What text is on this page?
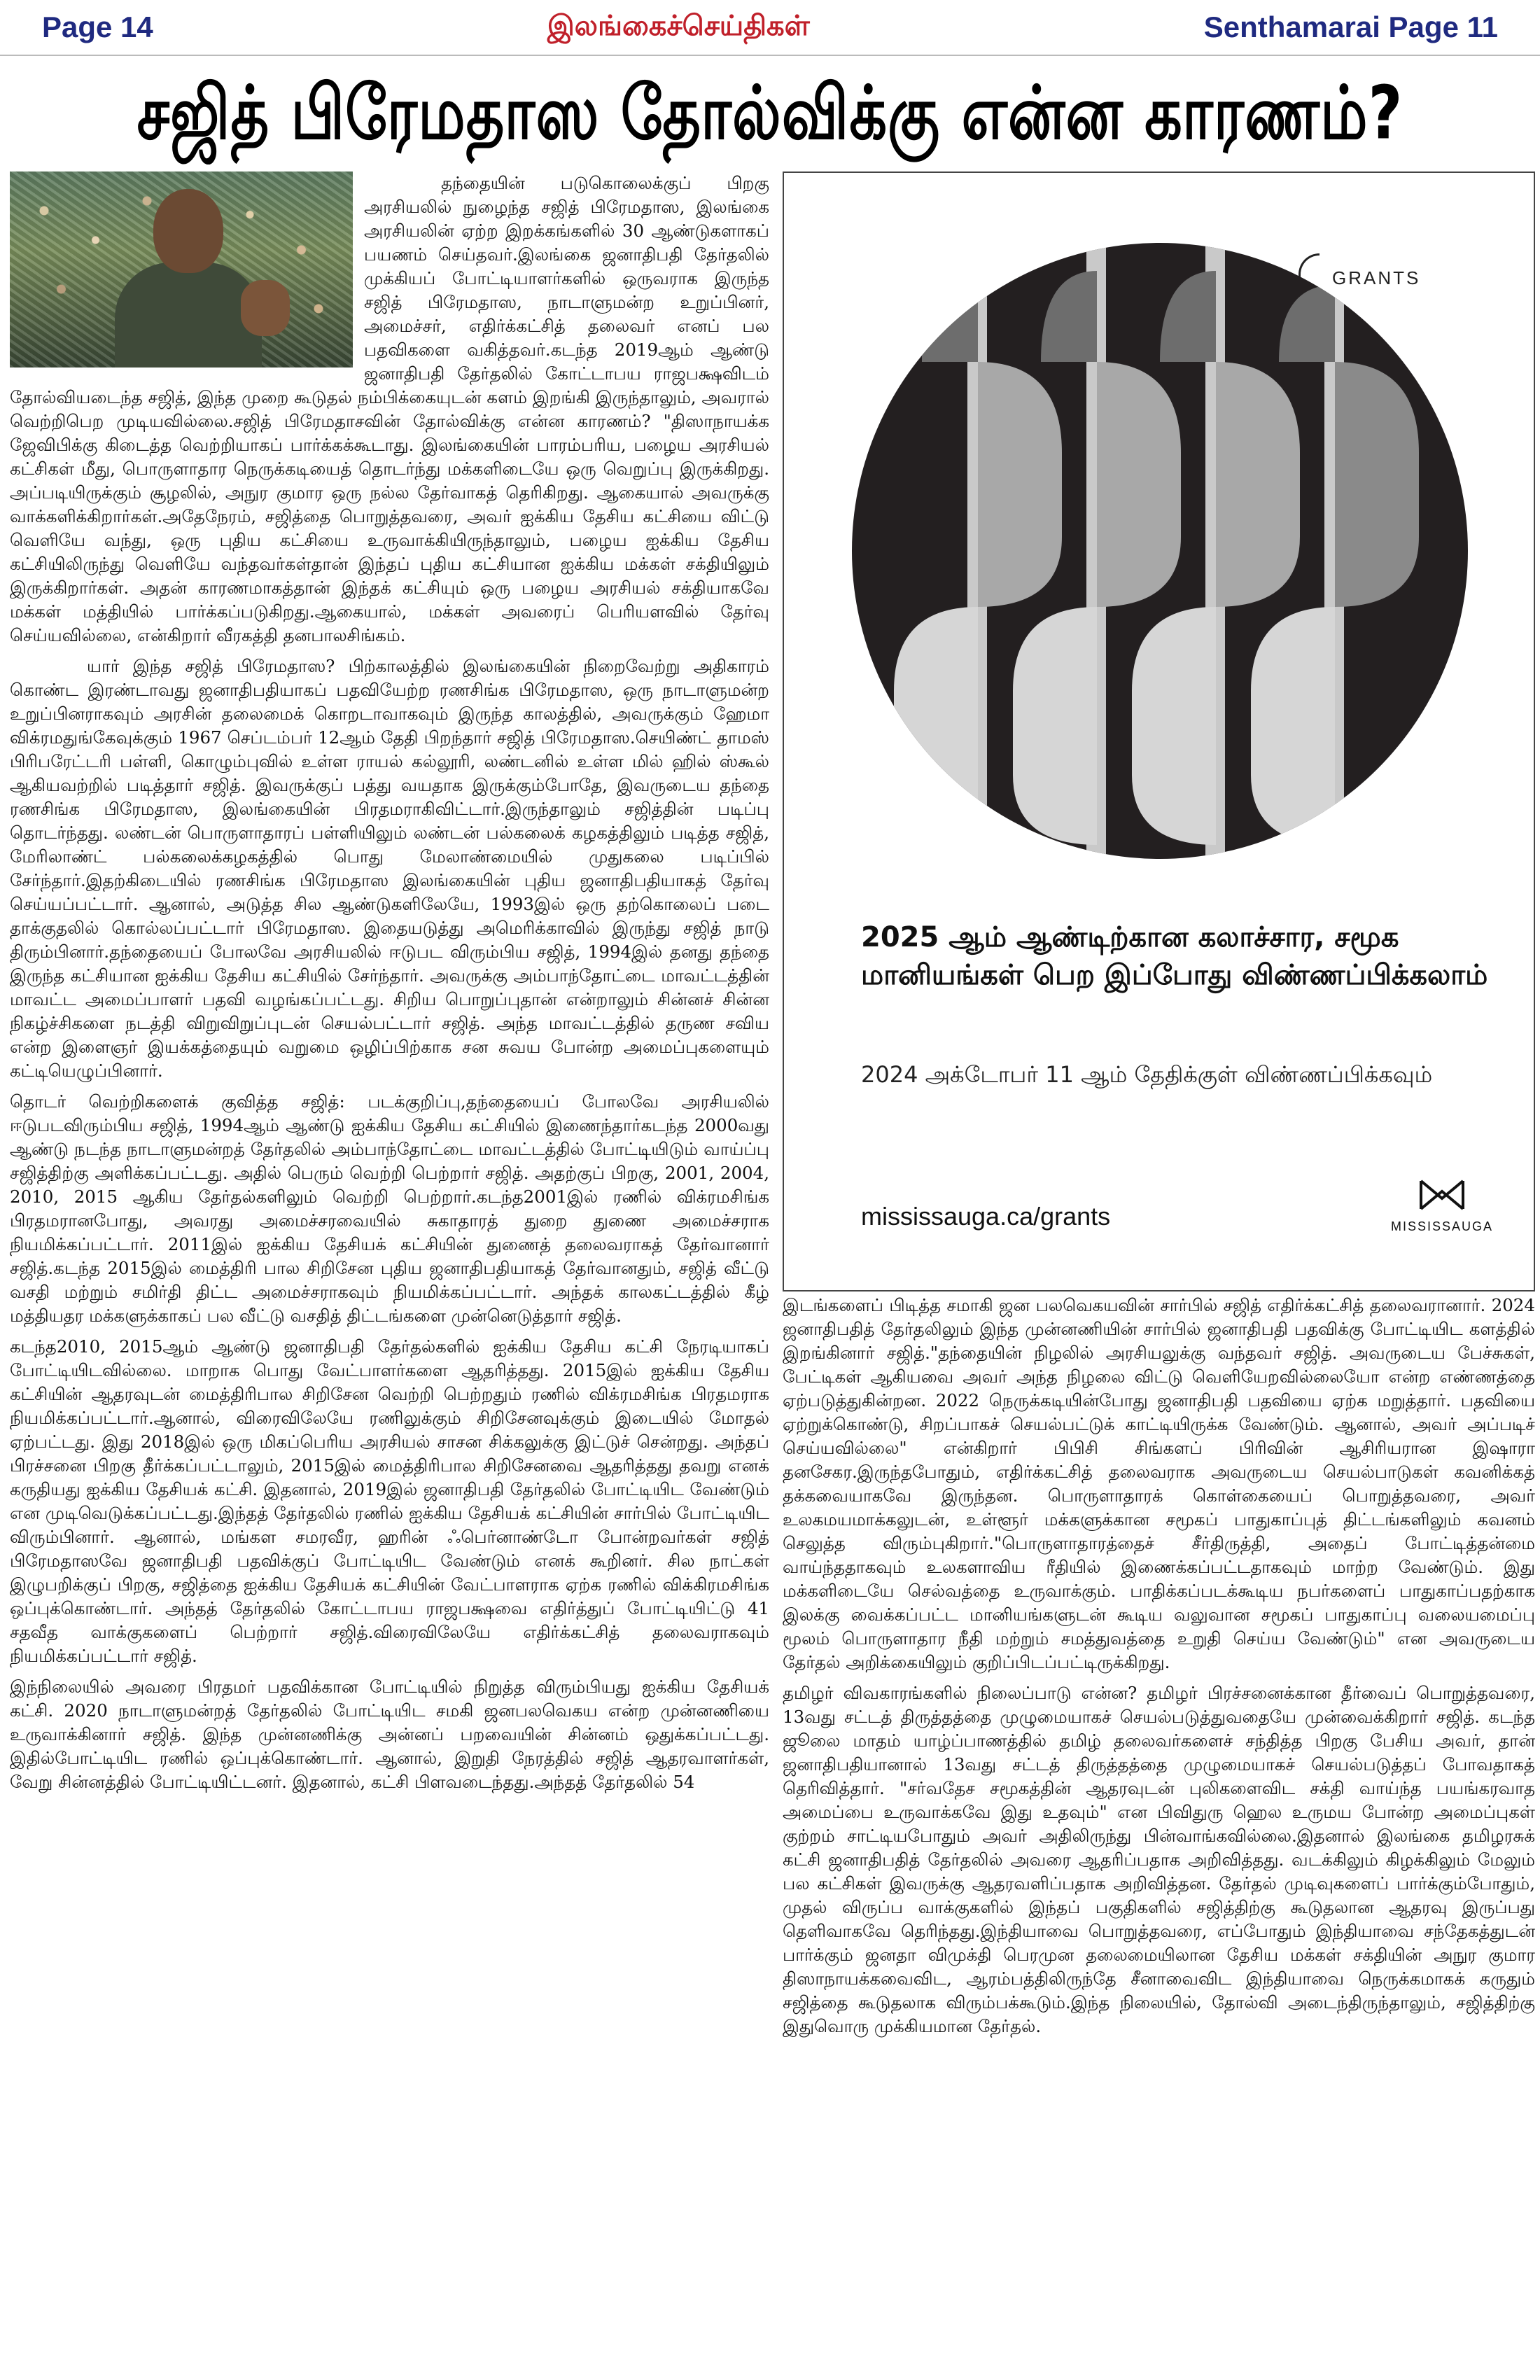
Page 14	இலங்கைச்செய்திகள்	Senthamarai Page 11
சஜித் பிரேமதாஸ தோல்விக்கு என்ன காரணம்?

தந்தையின் படுகொலைக்குப் பிறகு அரசியலில் நுழைந்த சஜித் பிரேமதாஸ, இலங்கை அரசியலின் ஏற்ற இறக்கங்களில் 30 ஆண்டுகளாகப் பயணம் செய்தவர்.இலங்கை ஜனாதிபதி தேர்தலில் முக்கியப் போட்டியாளர்களில் ஒருவராக இருந்த சஜித் பிரேமதாஸ, நாடாளுமன்ற உறுப்பினர், அமைச்சர், எதிர்க்கட்சித் தலைவர் எனப் பல பதவிகளை வகித்தவர்.கடந்த 2019ஆம் ஆண்டு ஜனாதிபதி தேர்தலில் கோட்டாபய ராஜபக்ஷவிடம் தோல்வியடைந்த சஜித், இந்த முறை கூடுதல் நம்பிக்கையுடன் களம் இறங்கி இருந்தாலும், அவரால் வெற்றிபெற முடியவில்லை.சஜித் பிரேமதாசவின் தோல்விக்கு என்ன காரணம்? "திஸாநாயக்க ஜேவிபிக்கு கிடைத்த வெற்றியாகப் பார்க்கக்கூடாது. இலங்கையின் பாரம்பரிய, பழைய அரசியல் கட்சிகள் மீது, பொருளாதார நெருக்கடியைத் தொடர்ந்து மக்களிடையே ஒரு வெறுப்பு இருக்கிறது. அப்படியிருக்கும் சூழலில், அநுர குமார ஒரு நல்ல தேர்வாகத் தெரிகிறது. ஆகையால் அவருக்கு வாக்களிக்கிறார்கள்.அதேநேரம், சஜித்தை பொறுத்தவரை, அவர் ஐக்கிய தேசிய கட்சியை விட்டு வெளியே வந்து, ஒரு புதிய கட்சியை உருவாக்கியிருந்தாலும், பழைய ஐக்கிய தேசிய கட்சியிலிருந்து வெளியே வந்தவர்கள்தான் இந்தப் புதிய கட்சியான ஐக்கிய மக்கள் சக்தியிலும் இருக்கிறார்கள். அதன் காரணமாகத்தான் இந்தக் கட்சியும் ஒரு பழைய அரசியல் சக்தியாகவே மக்கள் மத்தியில் பார்க்கப்படுகிறது.ஆகையால், மக்கள் அவரைப் பெரியளவில் தேர்வு செய்யவில்லை, என்கிறார் வீரகத்தி தனபாலசிங்கம்.

யார் இந்த சஜித் பிரேமதாஸ? பிற்காலத்தில் இலங்கையின் நிறைவேற்று அதிகாரம் கொண்ட இரண்டாவது ஜனாதிபதியாகப் பதவியேற்ற ரணசிங்க பிரேமதாஸ, ஒரு நாடாளுமன்ற உறுப்பினராகவும் அரசின் தலைமைக் கொறடாவாகவும் இருந்த காலத்தில், அவருக்கும் ஹேமா விக்ரமதுங்கேவுக்கும் 1967 செப்டம்பர் 12ஆம் தேதி பிறந்தார் சஜித் பிரேமதாஸ.செயிண்ட் தாமஸ் பிரிபரேட்டரி பள்ளி, கொழும்புவில் உள்ள ராயல் கல்லூரி, லண்டனில் உள்ள மில் ஹில் ஸ்கூல் ஆகியவற்றில் படித்தார் சஜித். இவருக்குப் பத்து வயதாக இருக்கும்போதே, இவருடைய தந்தை ரணசிங்க பிரேமதாஸ, இலங்கையின் பிரதமராகிவிட்டார்.இருந்தாலும் சஜித்தின் படிப்பு தொடர்ந்தது. லண்டன் பொருளாதாரப் பள்ளியிலும் லண்டன் பல்கலைக் கழகத்திலும் படித்த சஜித், மேரிலாண்ட் பல்கலைக்கழகத்தில் பொது மேலாண்மையில் முதுகலை படிப்பில் சேர்ந்தார்.இதற்கிடையில் ரணசிங்க பிரேமதாஸ இலங்கையின் புதிய ஜனாதிபதியாகத் தேர்வு செய்யப்பட்டார். ஆனால், அடுத்த சில ஆண்டுகளிலேயே, 1993இல் ஒரு தற்கொலைப் படை தாக்குதலில் கொல்லப்பட்டார் பிரேமதாஸ. இதையடுத்து அமெரிக்காவில் இருந்து சஜித் நாடு திரும்பினார்.தந்தையைப் போலவே அரசியலில் ஈடுபட விரும்பிய சஜித், 1994இல் தனது தந்தை இருந்த கட்சியான ஐக்கிய தேசிய கட்சியில் சேர்ந்தார். அவருக்கு அம்பாந்தோட்டை மாவட்டத்தின் மாவட்ட அமைப்பாளர் பதவி வழங்கப்பட்டது. சிறிய பொறுப்புதான் என்றாலும் சின்னச் சின்ன நிகழ்ச்சிகளை நடத்தி விறுவிறுப்புடன் செயல்பட்டார் சஜித். அந்த மாவட்டத்தில் தருண சவிய என்ற இளைஞர் இயக்கத்தையும் வறுமை ஒழிப்பிற்காக சன சுவய போன்ற அமைப்புகளையும் கட்டியெழுப்பினார்.

தொடர் வெற்றிகளைக் குவித்த சஜித்: படக்குறிப்பு,தந்தையைப் போலவே அரசியலில் ஈடுபடவிரும்பிய சஜித், 1994ஆம் ஆண்டு ஐக்கிய தேசிய கட்சியில் இணைந்தார்கடந்த 2000வது ஆண்டு நடந்த நாடாளுமன்றத் தேர்தலில் அம்பாந்தோட்டை மாவட்டத்தில் போட்டியிடும் வாய்ப்பு சஜித்திற்கு அளிக்கப்பட்டது. அதில் பெரும் வெற்றி பெற்றார் சஜித். அதற்குப் பிறகு, 2001, 2004, 2010, 2015 ஆகிய தேர்தல்களிலும் வெற்றி பெற்றார்.கடந்த2001இல் ரணில் விக்ரமசிங்க பிரதமரானபோது, அவரது அமைச்சரவையில் சுகாதாரத் துறை துணை அமைச்சராக நியமிக்கப்பட்டார். 2011இல் ஐக்கிய தேசியக் கட்சியின் துணைத் தலைவராகத் தேர்வானார் சஜித்.கடந்த 2015இல் மைத்திரி பால சிறிசேன புதிய ஜனாதிபதியாகத் தேர்வானதும், சஜித் வீட்டு வசதி மற்றும் சமிர்தி திட்ட அமைச்சராகவும் நியமிக்கப்பட்டார். அந்தக் காலகட்டத்தில் கீழ் மத்தியதர மக்களுக்காகப் பல வீட்டு வசதித் திட்டங்களை முன்னெடுத்தார் சஜித்.

கடந்த2010, 2015ஆம் ஆண்டு ஜனாதிபதி தேர்தல்களில் ஐக்கிய தேசிய கட்சி நேரடியாகப் போட்டியிடவில்லை. மாறாக பொது வேட்பாளர்களை ஆதரித்தது. 2015இல் ஐக்கிய தேசிய கட்சியின் ஆதரவுடன் மைத்திரிபால சிறிசேன வெற்றி பெற்றதும் ரணில் விக்ரமசிங்க பிரதமராக நியமிக்கப்பட்டார்.ஆனால், விரைவிலேயே ரணிலுக்கும் சிறிசேனவுக்கும் இடையில் மோதல் ஏற்பட்டது. இது 2018இல் ஒரு மிகப்பெரிய அரசியல் சாசன சிக்கலுக்கு இட்டுச் சென்றது. அந்தப் பிரச்சனை பிறகு தீர்க்கப்பட்டாலும், 2015இல் மைத்திரிபால சிறிசேனவை ஆதரித்தது தவறு எனக் கருதியது ஐக்கிய தேசியக் கட்சி. இதனால், 2019இல் ஜனாதிபதி தேர்தலில் போட்டியிட வேண்டும் என முடிவெடுக்கப்பட்டது.இந்தத் தேர்தலில் ரணில் ஐக்கிய தேசியக் கட்சியின் சார்பில் போட்டியிட விரும்பினார். ஆனால், மங்கள சமரவீர, ஹரின் ஃபெர்னாண்டோ போன்றவர்கள் சஜித் பிரேமதாஸவே ஜனாதிபதி பதவிக்குப் போட்டியிட வேண்டும் எனக் கூறினர். சில நாட்கள் இழுபறிக்குப் பிறகு, சஜித்தை ஐக்கிய தேசியக் கட்சியின் வேட்பாளராக ஏற்க ரணில் விக்கிரமசிங்க ஒப்புக்கொண்டார். அந்தத் தேர்தலில் கோட்டாபய ராஜபக்ஷவை எதிர்த்துப் போட்டியிட்டு 41 சதவீத வாக்குகளைப் பெற்றார் சஜித்.விரைவிலேயே எதிர்க்கட்சித் தலைவராகவும் நியமிக்கப்பட்டார் சஜித்.

இந்நிலையில் அவரை பிரதமர் பதவிக்கான போட்டியில் நிறுத்த விரும்பியது ஐக்கிய தேசியக் கட்சி. 2020 நாடாளுமன்றத் தேர்தலில் போட்டியிட சமகி ஜனபலவெகய என்ற முன்னணியை உருவாக்கினார் சஜித். இந்த முன்னணிக்கு அன்னப் பறவையின் சின்னம் ஒதுக்கப்பட்டது. இதில்போட்டியிட ரணில் ஒப்புக்கொண்டார். ஆனால், இறுதி நேரத்தில் சஜித் ஆதரவாளர்கள், வேறு சின்னத்தில் போட்டியிட்டனர். இதனால், கட்சி பிளவடைந்தது.அந்தத் தேர்தலில் 54

GRANTS
2025 ஆம் ஆண்டிற்கான கலாச்சார, சமூக மானியங்கள் பெற இப்போது விண்ணப்பிக்கலாம்
2024 அக்டோபர் 11 ஆம் தேதிக்குள் விண்ணப்பிக்கவும்
mississauga.ca/grants	MISSISSAUGA

இடங்களைப் பிடித்த சமாகி ஜன பலவெகயவின் சார்பில் சஜித் எதிர்க்கட்சித் தலைவரானார். 2024 ஜனாதிபதித் தேர்தலிலும் இந்த முன்னணியின் சார்பில் ஜனாதிபதி பதவிக்கு போட்டியிட களத்தில் இறங்கினார் சஜித்."தந்தையின் நிழலில் அரசியலுக்கு வந்தவர் சஜித். அவருடைய பேச்சுகள், பேட்டிகள் ஆகியவை அவர் அந்த நிழலை விட்டு வெளியேறவில்லையோ என்ற எண்ணத்தை ஏற்படுத்துகின்றன. 2022 நெருக்கடியின்போது ஜனாதிபதி பதவியை ஏற்க மறுத்தார். பதவியை ஏற்றுக்கொண்டு, சிறப்பாகச் செயல்பட்டுக் காட்டியிருக்க வேண்டும். ஆனால், அவர் அப்படிச் செய்யவில்லை" என்கிறார் பிபிசி சிங்களப் பிரிவின் ஆசிரியரான இஷாரா தனசேகர.இருந்தபோதும், எதிர்க்கட்சித் தலைவராக அவருடைய செயல்பாடுகள் கவனிக்கத் தக்கவையாகவே இருந்தன. பொருளாதாரக் கொள்கையைப் பொறுத்தவரை, அவர் உலகமயமாக்கலுடன், உள்ளூர் மக்களுக்கான சமூகப் பாதுகாப்புத் திட்டங்களிலும் கவனம் செலுத்த விரும்புகிறார்."பொருளாதாரத்தைச் சீர்திருத்தி, அதைப் போட்டித்தன்மை வாய்ந்ததாகவும் உலகளாவிய ரீதியில் இணைக்கப்பட்டதாகவும் மாற்ற வேண்டும். இது மக்களிடையே செல்வத்தை உருவாக்கும். பாதிக்கப்படக்கூடிய நபர்களைப் பாதுகாப்பதற்காக இலக்கு வைக்கப்பட்ட மானியங்களுடன் கூடிய வலுவான சமூகப் பாதுகாப்பு வலையமைப்பு மூலம் பொருளாதார நீதி மற்றும் சமத்துவத்தை உறுதி செய்ய வேண்டும்" என அவருடைய தேர்தல் அறிக்கையிலும் குறிப்பிடப்பட்டிருக்கிறது.

தமிழர் விவகாரங்களில் நிலைப்பாடு என்ன? தமிழர் பிரச்சனைக்கான தீர்வைப் பொறுத்தவரை, 13வது சட்டத் திருத்தத்தை முழுமையாகச் செயல்படுத்துவதையே முன்வைக்கிறார் சஜித். கடந்த ஜூலை மாதம் யாழ்ப்பாணத்தில் தமிழ் தலைவர்களைச் சந்தித்த பிறகு பேசிய அவர், தான் ஜனாதிபதியானால் 13வது சட்டத் திருத்தத்தை முழுமையாகச் செயல்படுத்தப் போவதாகத் தெரிவித்தார். "சர்வதேச சமூகத்தின் ஆதரவுடன் புலிகளைவிட சக்தி வாய்ந்த பயங்கரவாத அமைப்பை உருவாக்கவே இது உதவும்" என பிவிதுரு ஹெல உருமய போன்ற அமைப்புகள் குற்றம் சாட்டியபோதும் அவர் அதிலிருந்து பின்வாங்கவில்லை.இதனால் இலங்கை தமிழரசுக் கட்சி ஜனாதிபதித் தேர்தலில் அவரை ஆதரிப்பதாக அறிவித்தது. வடக்கிலும் கிழக்கிலும் மேலும் பல கட்சிகள் இவருக்கு ஆதரவளிப்பதாக அறிவித்தன. தேர்தல் முடிவுகளைப் பார்க்கும்போதும், முதல் விருப்ப வாக்குகளில் இந்தப் பகுதிகளில் சஜித்திற்கு கூடுதலான ஆதரவு இருப்பது தெளிவாகவே தெரிந்தது.இந்தியாவை பொறுத்தவரை, எப்போதும் இந்தியாவை சந்தேகத்துடன் பார்க்கும் ஜனதா விமுக்தி பெரமுன தலைமையிலான தேசிய மக்கள் சக்தியின் அநுர குமார திஸாநாயக்கவைவிட, ஆரம்பத்திலிருந்தே சீனாவைவிட இந்தியாவை நெருக்கமாகக் கருதும் சஜித்தை கூடுதலாக விரும்பக்கூடும்.இந்த நிலையில், தோல்வி அடைந்திருந்தாலும், சஜித்திற்கு இதுவொரு முக்கியமான தேர்தல்.
